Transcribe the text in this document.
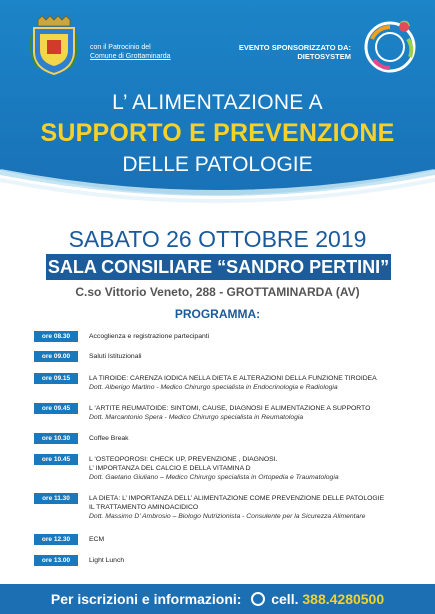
con il Patrocinio del
Comune di Grottaminarda
EVENTO SPONSORIZZATO DA:
DIETOSYSTEM
L’ ALIMENTAZIONE A
SUPPORTO E PREVENZIONE
DELLE PATOLOGIE
SABATO 26 OTTOBRE 2019
SALA CONSILIARE “SANDRO PERTINI”
C.so Vittorio Veneto, 288 - GROTTAMINARDA (AV)
PROGRAMMA:
ore 08.30	Accoglienza e registrazione partecipanti
ore 09.00	Saluti Istituzionali
ore 09.15	LA TIROIDE: CARENZA IODICA NELLA DIETA E ALTERAZIONI DELLA FUNZIONE TIROIDEA
Dott. Alberigo Martino - Medico Chirurgo specialista in Endocrinologia e Radiologia
ore 09.45	L ‘ARTITE REUMATOIDE: SINTOMI, CAUSE, DIAGNOSI E ALIMENTAZIONE A SUPPORTO
Dott. Marcantonio Spera - Medico Chirurgo specialista in Reumatologia
ore 10.30	Coffee Break
ore 10.45	L ‘OSTEOPOROSI: CHECK UP, PREVENZIONE , DIAGNOSI.
L’ IMPORTANZA DEL CALCIO E DELLA VITAMINA D
Dott. Gaetano Giuliano – Medico Chirurgo specialista in Ortopedia e Traumatologia
ore 11.30	LA DIETA: L’ IMPORTANZA DELL’ ALIMENTAZIONE COME PREVENZIONE DELLE PATOLOGIE
IL TRATTAMENTO AMINOACIDICO
Dott. Massimo D’ Ambrosio – Biologo Nutrizionista - Consulente per la Sicurezza Alimentare
ore 12.30	ECM
ore 13.00	Light Lunch
Per iscrizioni e informazioni: cell. 388.4280500
